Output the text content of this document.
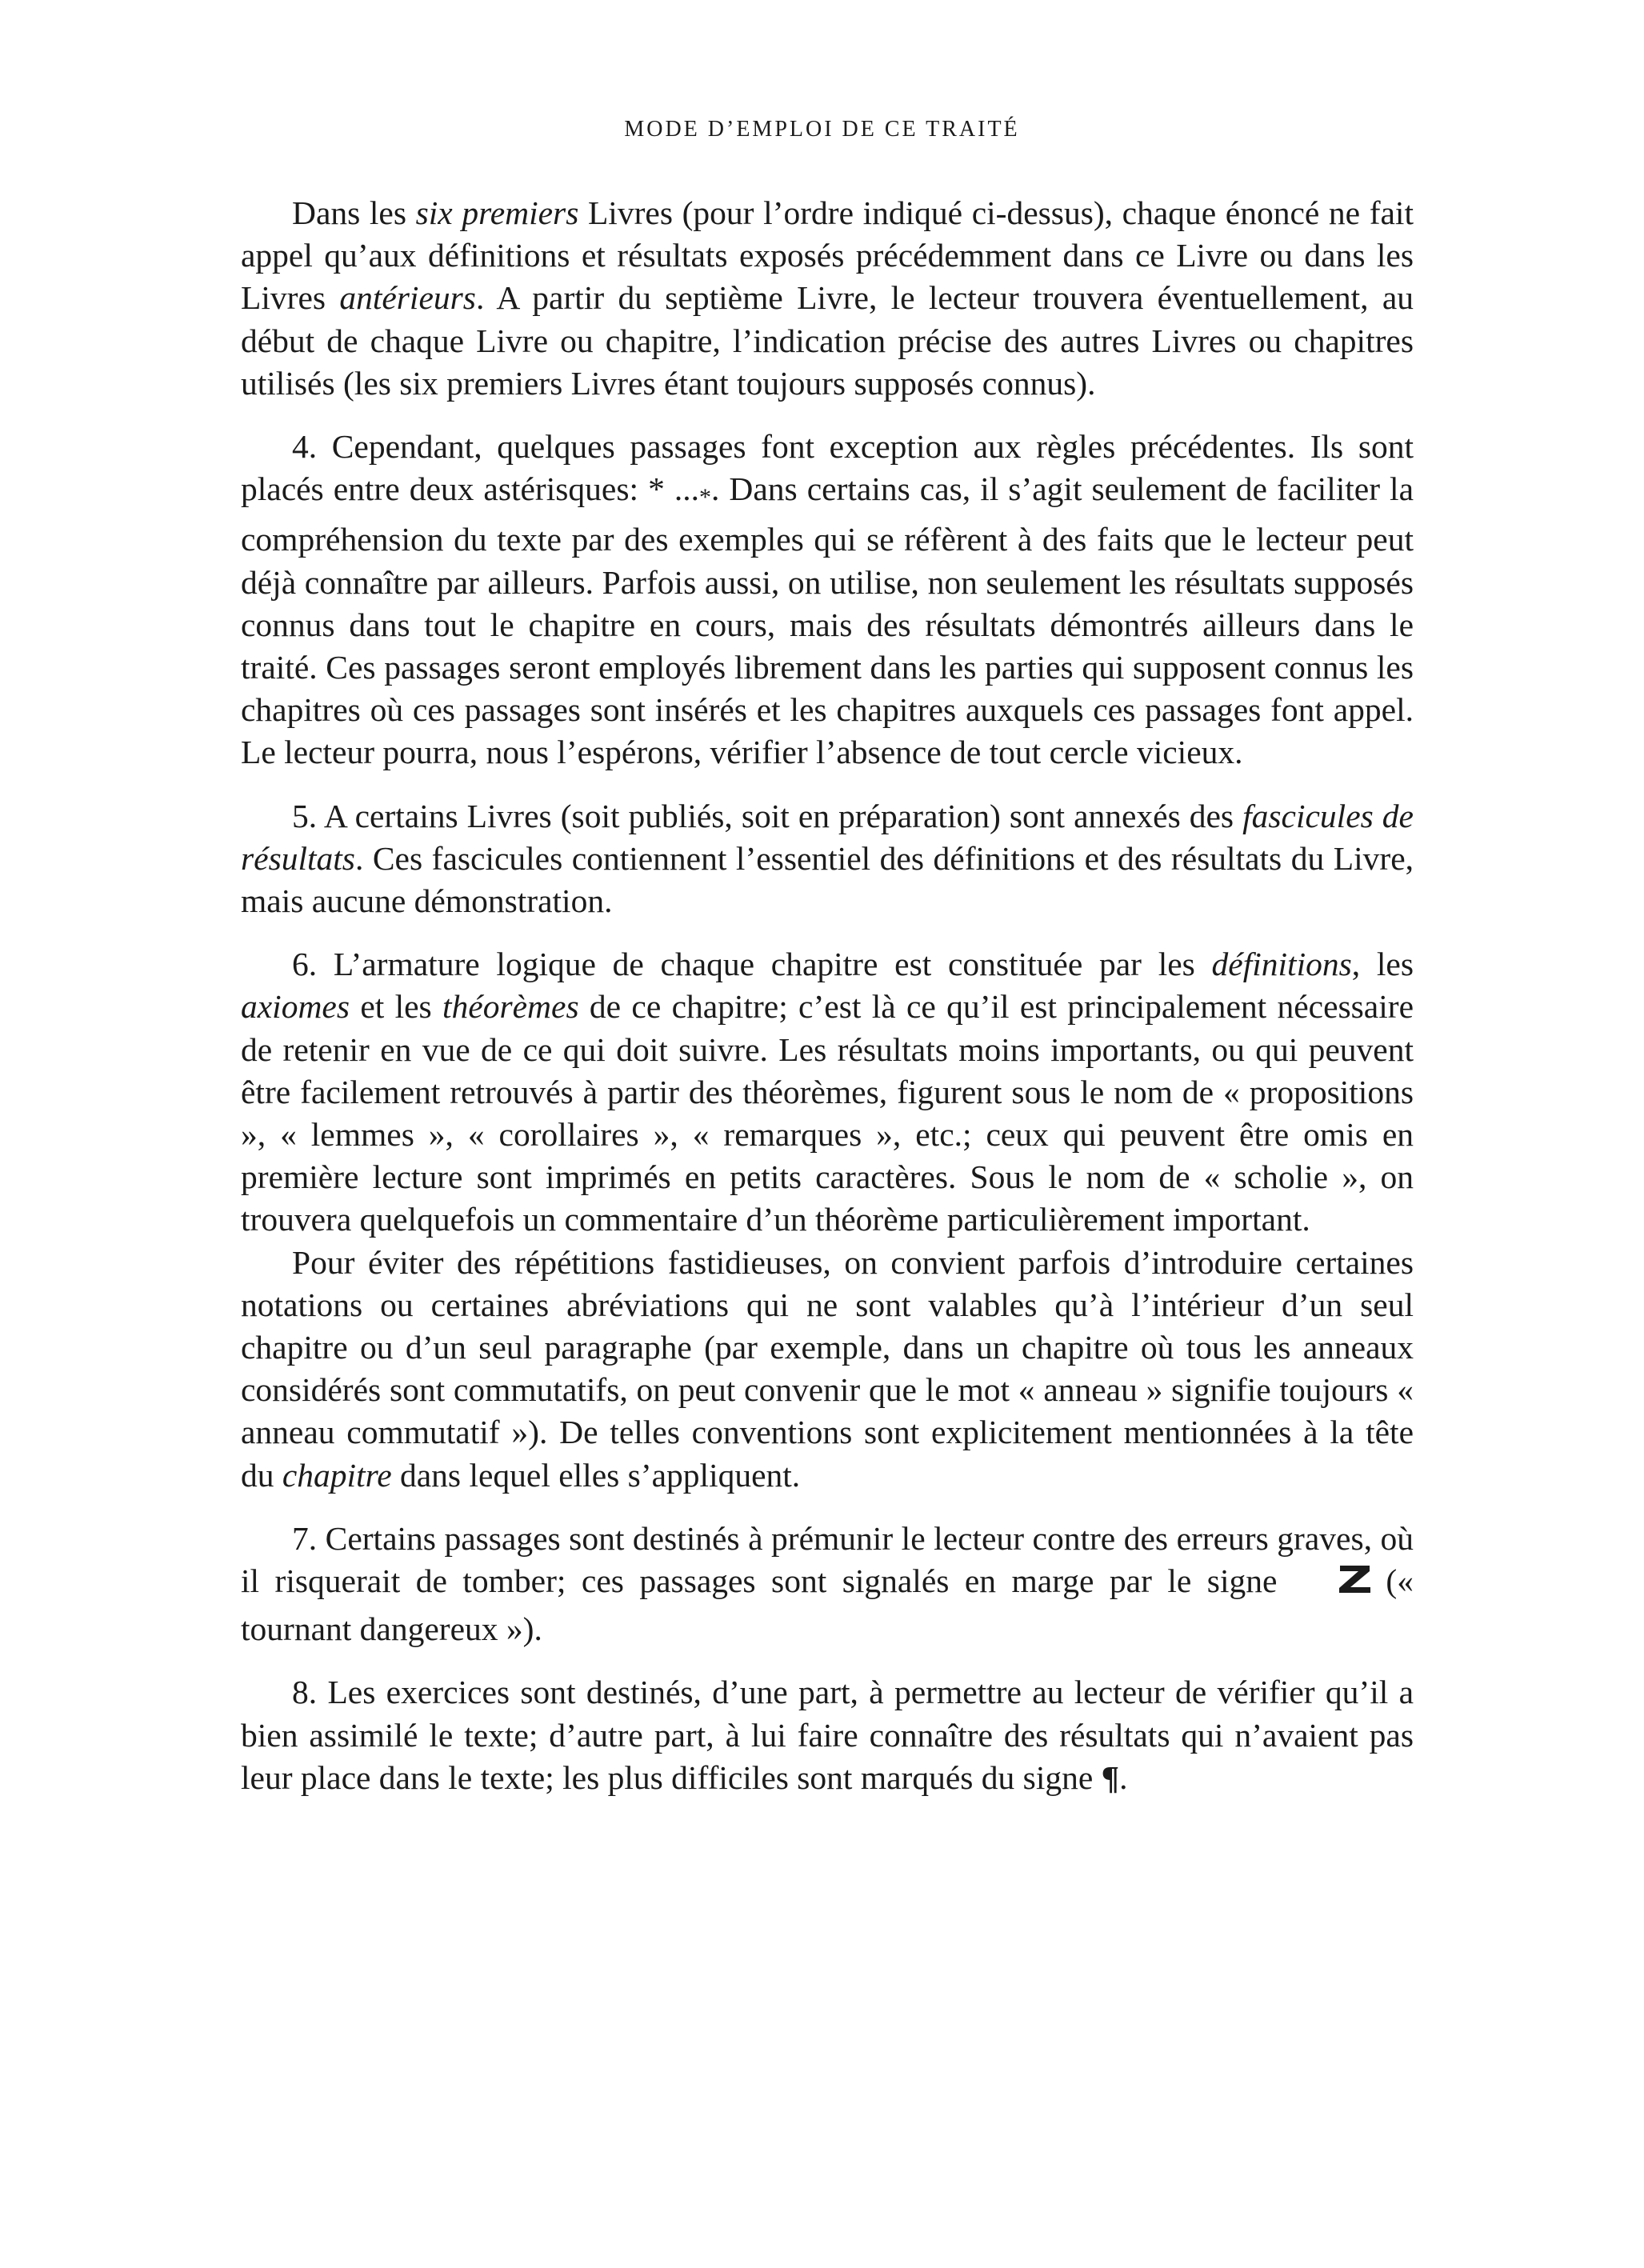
MODE D’EMPLOI DE CE TRAITÉ

Dans les six premiers Livres (pour l’ordre indiqué ci-dessus), chaque énoncé ne fait appel qu’aux définitions et résultats exposés précédemment dans ce Livre ou dans les Livres antérieurs. A partir du septième Livre, le lecteur trouvera éventuellement, au début de chaque Livre ou chapitre, l’indication précise des autres Livres ou chapitres utilisés (les six premiers Livres étant toujours supposés connus).

4. Cependant, quelques passages font exception aux règles précédentes. Ils sont placés entre deux astérisques: * ...*. Dans certains cas, il s’agit seulement de faciliter la compréhension du texte par des exemples qui se réfèrent à des faits que le lecteur peut déjà connaître par ailleurs. Parfois aussi, on utilise, non seulement les résultats supposés connus dans tout le chapitre en cours, mais des résultats démontrés ailleurs dans le traité. Ces passages seront employés librement dans les parties qui supposent connus les chapitres où ces passages sont insérés et les chapitres auxquels ces passages font appel. Le lecteur pourra, nous l’espérons, vérifier l’absence de tout cercle vicieux.

5. A certains Livres (soit publiés, soit en préparation) sont annexés des fascicules de résultats. Ces fascicules contiennent l’essentiel des définitions et des résultats du Livre, mais aucune démonstration.

6. L’armature logique de chaque chapitre est constituée par les définitions, les axiomes et les théorèmes de ce chapitre; c’est là ce qu’il est principalement nécessaire de retenir en vue de ce qui doit suivre. Les résultats moins importants, ou qui peuvent être facilement retrouvés à partir des théorèmes, figurent sous le nom de « propositions », « lemmes », « corollaires », « remarques », etc.; ceux qui peuvent être omis en première lecture sont imprimés en petits caractères. Sous le nom de « scholie », on trouvera quelquefois un commentaire d’un théorème particulièrement important.

Pour éviter des répétitions fastidieuses, on convient parfois d’introduire certaines notations ou certaines abréviations qui ne sont valables qu’à l’intérieur d’un seul chapitre ou d’un seul paragraphe (par exemple, dans un chapitre où tous les anneaux considérés sont commutatifs, on peut convenir que le mot « anneau » signifie toujours « anneau commutatif »). De telles conventions sont explicitement mentionnées à la tête du chapitre dans lequel elles s’appliquent.

7. Certains passages sont destinés à prémunir le lecteur contre des erreurs graves, où il risquerait de tomber; ces passages sont signalés en marge par le signe	(« tournant dangereux »).

8. Les exercices sont destinés, d’une part, à permettre au lecteur de vérifier qu’il a bien assimilé le texte; d’autre part, à lui faire connaître des résultats qui n’avaient pas leur place dans le texte; les plus difficiles sont marqués du signe ¶.
